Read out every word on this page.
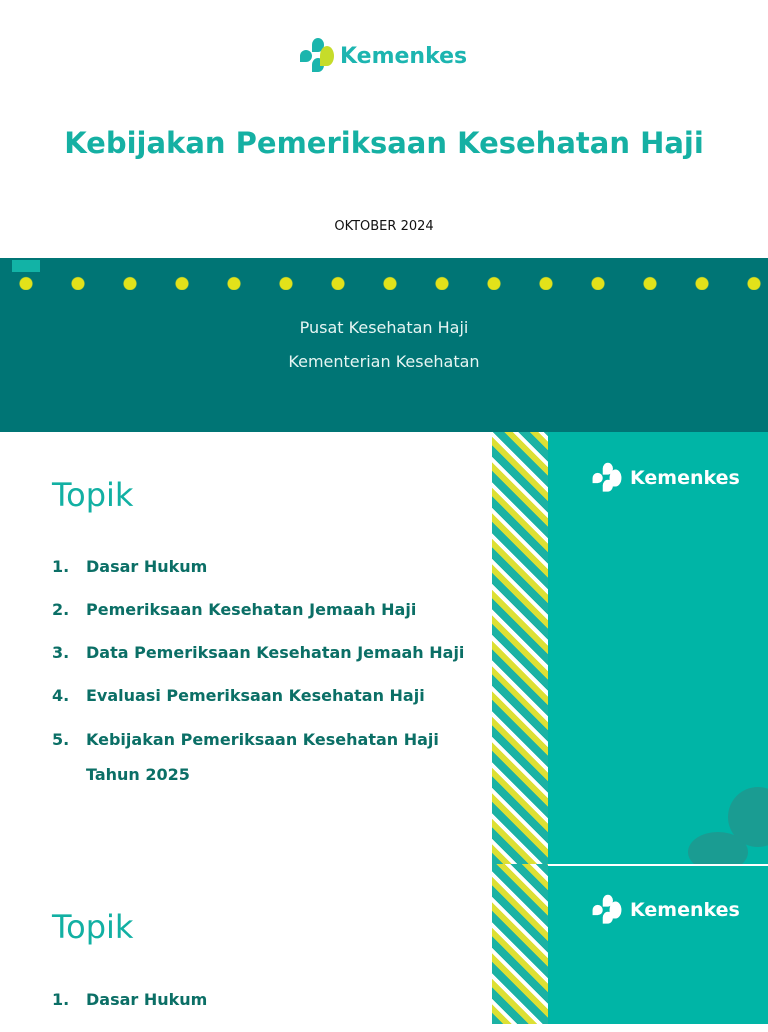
Kemenkes
Kebijakan Pemeriksaan Kesehatan Haji
OKTOBER 2024
Pusat Kesehatan Haji
Kementerian Kesehatan
Kemenkes
Topik
1.	Dasar Hukum
2.	Pemeriksaan Kesehatan Jemaah Haji
3.	Data Pemeriksaan Kesehatan Jemaah Haji
4.	Evaluasi Pemeriksaan Kesehatan Haji
5.	Kebijakan Pemeriksaan Kesehatan Haji Tahun 2025
Kemenkes
Topik
1.	Dasar Hukum
